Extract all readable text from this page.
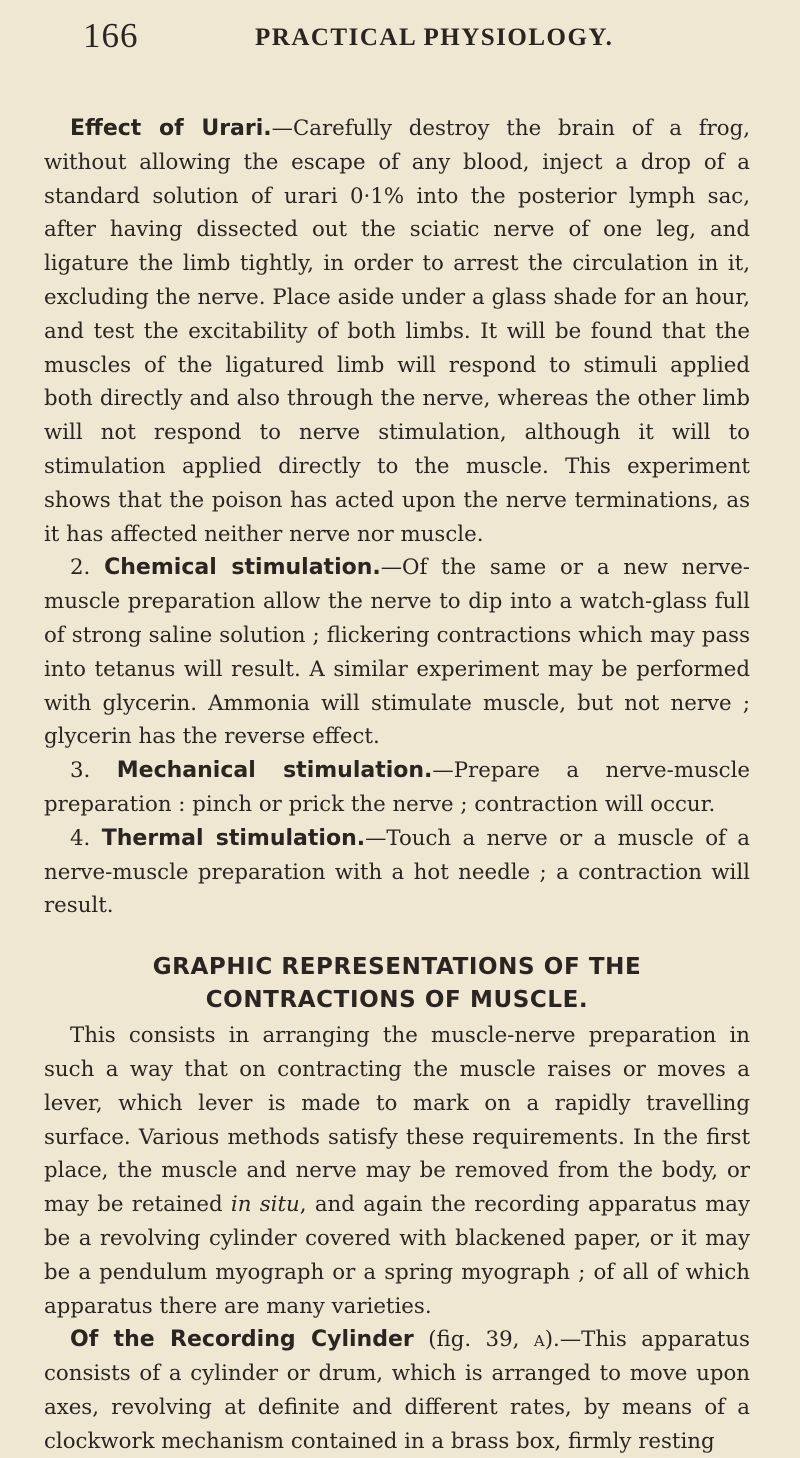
166	PRACTICAL PHYSIOLOGY.

Effect of Urari.—Carefully destroy the brain of a frog, without allowing the escape of any blood, inject a drop of a standard solution of urari 0·1% into the posterior lymph sac, after having dissected out the sciatic nerve of one leg, and ligature the limb tightly, in order to arrest the circulation in it, excluding the nerve. Place aside under a glass shade for an hour, and test the excitability of both limbs. It will be found that the muscles of the ligatured limb will respond to stimuli applied both directly and also through the nerve, whereas the other limb will not respond to nerve stimulation, although it will to stimulation applied directly to the muscle. This experiment shows that the poison has acted upon the nerve terminations, as it has affected neither nerve nor muscle.

2. Chemical stimulation.—Of the same or a new nerve-muscle preparation allow the nerve to dip into a watch-glass full of strong saline solution ; flickering contractions which may pass into tetanus will result. A similar experiment may be performed with glycerin. Ammonia will stimulate muscle, but not nerve ; glycerin has the reverse effect.

3. Mechanical stimulation.—Prepare a nerve-muscle preparation : pinch or prick the nerve ; contraction will occur.

4. Thermal stimulation.—Touch a nerve or a muscle of a nerve-muscle preparation with a hot needle ; a contraction will result.

GRAPHIC REPRESENTATIONS OF THE CONTRACTIONS OF MUSCLE.

This consists in arranging the muscle-nerve preparation in such a way that on contracting the muscle raises or moves a lever, which lever is made to mark on a rapidly travelling surface. Various methods satisfy these requirements. In the first place, the muscle and nerve may be removed from the body, or may be retained in situ, and again the recording apparatus may be a revolving cylinder covered with blackened paper, or it may be a pendulum myograph or a spring myograph ; of all of which apparatus there are many varieties.

Of the Recording Cylinder (fig. 39, a).—This apparatus consists of a cylinder or drum, which is arranged to move upon axes, revolving at definite and different rates, by means of a clockwork mechanism contained in a brass box, firmly resting
